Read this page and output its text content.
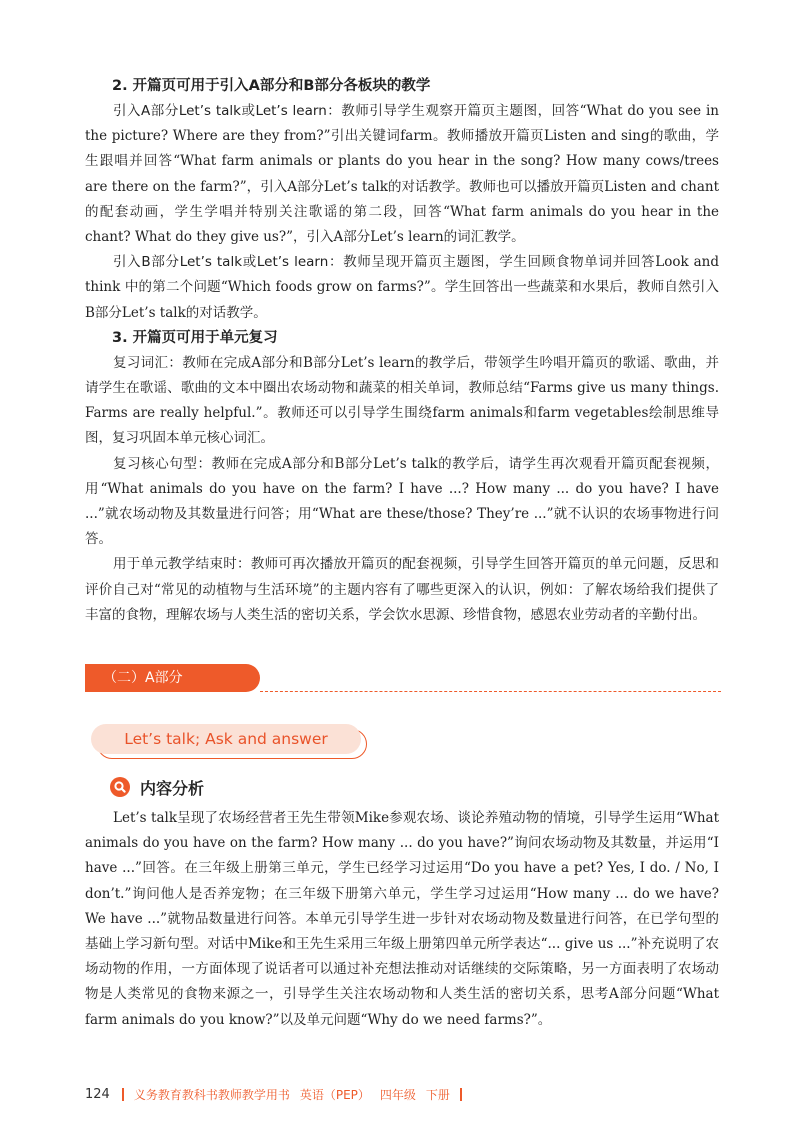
2. 开篇页可用于引入A部分和B部分各板块的教学

引入A部分Let’s talk或Let’s learn：教师引导学生观察开篇页主题图，回答“What do you see in the picture? Where are they from?”引出关键词farm。教师播放开篇页Listen and sing的歌曲，学生跟唱并回答“What farm animals or plants do you hear in the song? How many cows/trees are there on the farm?”，引入A部分Let’s talk的对话教学。教师也可以播放开篇页Listen and chant的配套动画，学生学唱并特别关注歌谣的第二段，回答“What farm animals do you hear in the chant? What do they give us?”，引入A部分Let’s learn的词汇教学。

引入B部分Let’s talk或Let’s learn：教师呈现开篇页主题图，学生回顾食物单词并回答Look and think 中的第二个问题“Which foods grow on farms?”。学生回答出一些蔬菜和水果后，教师自然引入B部分Let’s talk的对话教学。

3. 开篇页可用于单元复习

复习词汇：教师在完成A部分和B部分Let’s learn的教学后，带领学生吟唱开篇页的歌谣、歌曲，并请学生在歌谣、歌曲的文本中圈出农场动物和蔬菜的相关单词，教师总结“Farms give us many things. Farms are really helpful.”。教师还可以引导学生围绕farm animals和farm vegetables绘制思维导图，复习巩固本单元核心词汇。

复习核心句型：教师在完成A部分和B部分Let’s talk的教学后，请学生再次观看开篇页配套视频，用“What animals do you have on the farm? I have ...? How many ... do you have? I have ...”就农场动物及其数量进行问答；用“What are these/those? They’re ...”就不认识的农场事物进行问答。

用于单元教学结束时：教师可再次播放开篇页的配套视频，引导学生回答开篇页的单元问题，反思和评价自己对“常见的动植物与生活环境”的主题内容有了哪些更深入的认识，例如：了解农场给我们提供了丰富的食物，理解农场与人类生活的密切关系，学会饮水思源、珍惜食物，感恩农业劳动者的辛勤付出。

（二）A部分
Let’s talk; Ask and answer
内容分析

Let’s talk呈现了农场经营者王先生带领Mike参观农场、谈论养殖动物的情境，引导学生运用“What animals do you have on the farm? How many ... do you have?”询问农场动物及其数量，并运用“I have ...”回答。在三年级上册第三单元，学生已经学习过运用“Do you have a pet? Yes, I do. / No, I don’t.”询问他人是否养宠物；在三年级下册第六单元，学生学习过运用“How many ... do we have? We have ...”就物品数量进行问答。本单元引导学生进一步针对农场动物及数量进行问答，在已学句型的基础上学习新句型。对话中Mike和王先生采用三年级上册第四单元所学表达“... give us ...”补充说明了农场动物的作用，一方面体现了说话者可以通过补充想法推动对话继续的交际策略，另一方面表明了农场动物是人类常见的食物来源之一，引导学生关注农场动物和人类生活的密切关系，思考A部分问题“What farm animals do you know?”以及单元问题“Why do we need farms?”。

124 义务教育教科书教师教学用书 英语（PEP） 四年级 下册
